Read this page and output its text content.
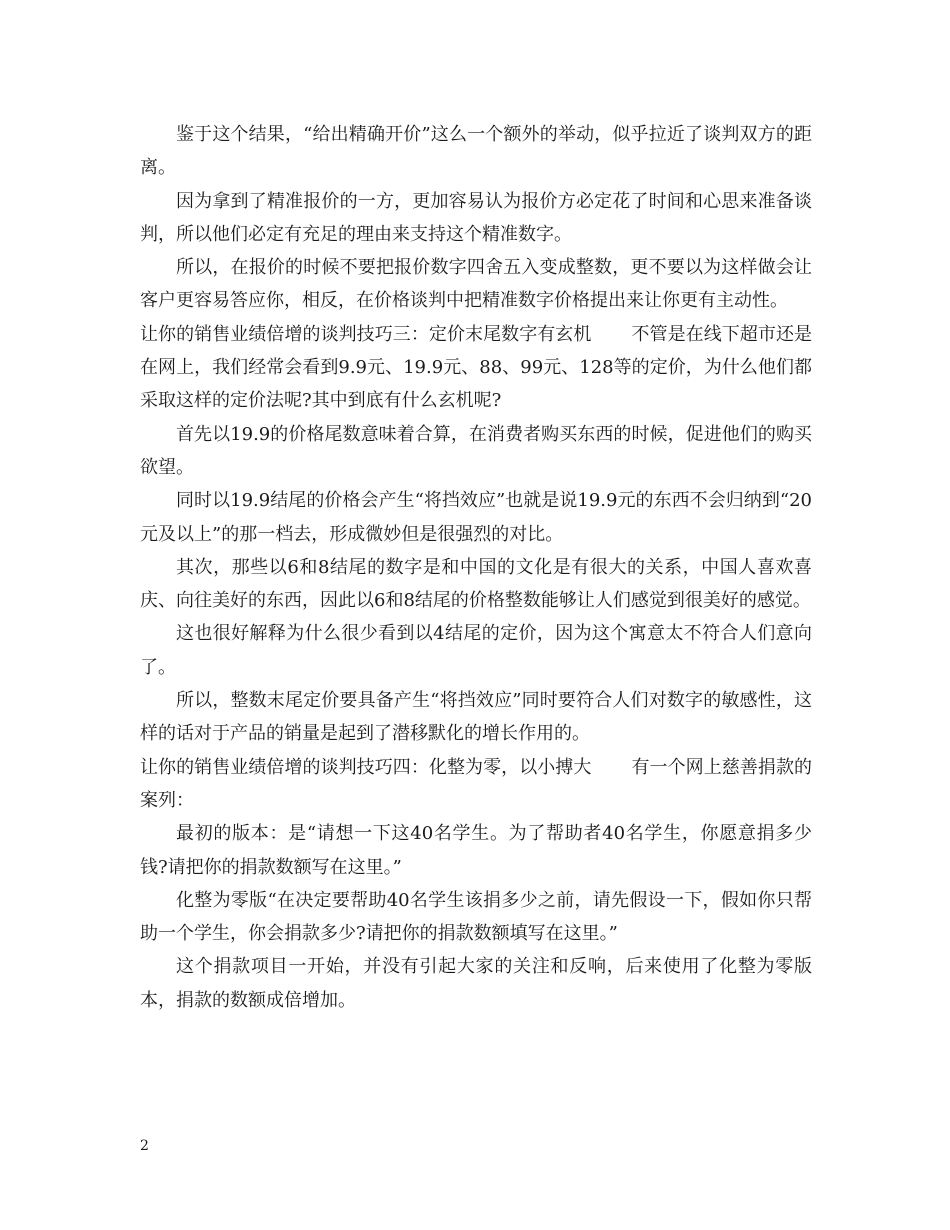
鉴于这个结果，“给出精确开价”这么一个额外的举动，似乎拉近了谈判双方的距离。

因为拿到了精准报价的一方，更加容易认为报价方必定花了时间和心思来准备谈判，所以他们必定有充足的理由来支持这个精准数字。

所以，在报价的时候不要把报价数字四舍五入变成整数，更不要以为这样做会让客户更容易答应你，相反，在价格谈判中把精准数字价格提出来让你更有主动性。

让你的销售业绩倍增的谈判技巧三：定价末尾数字有玄机 不管是在线下超市还是在网上，我们经常会看到9.9元、19.9元、88、99元、128等的定价，为什么他们都采取这样的定价法呢?其中到底有什么玄机呢?

首先以19.9的价格尾数意味着合算，在消费者购买东西的时候，促进他们的购买欲望。

同时以19.9结尾的价格会产生“将挡效应”也就是说19.9元的东西不会归纳到“20元及以上”的那一档去，形成微妙但是很强烈的对比。

其次，那些以6和8结尾的数字是和中国的文化是有很大的关系，中国人喜欢喜庆、向往美好的东西，因此以6和8结尾的价格整数能够让人们感觉到很美好的感觉。

这也很好解释为什么很少看到以4结尾的定价，因为这个寓意太不符合人们意向了。

所以，整数末尾定价要具备产生“将挡效应”同时要符合人们对数字的敏感性，这样的话对于产品的销量是起到了潜移默化的增长作用的。

让你的销售业绩倍增的谈判技巧四：化整为零，以小搏大 有一个网上慈善捐款的案列：

最初的版本：是“请想一下这40名学生。为了帮助者40名学生，你愿意捐多少钱?请把你的捐款数额写在这里。”

化整为零版“在决定要帮助40名学生该捐多少之前，请先假设一下，假如你只帮助一个学生，你会捐款多少?请把你的捐款数额填写在这里。”

这个捐款项目一开始，并没有引起大家的关注和反响，后来使用了化整为零版本，捐款的数额成倍增加。

2
